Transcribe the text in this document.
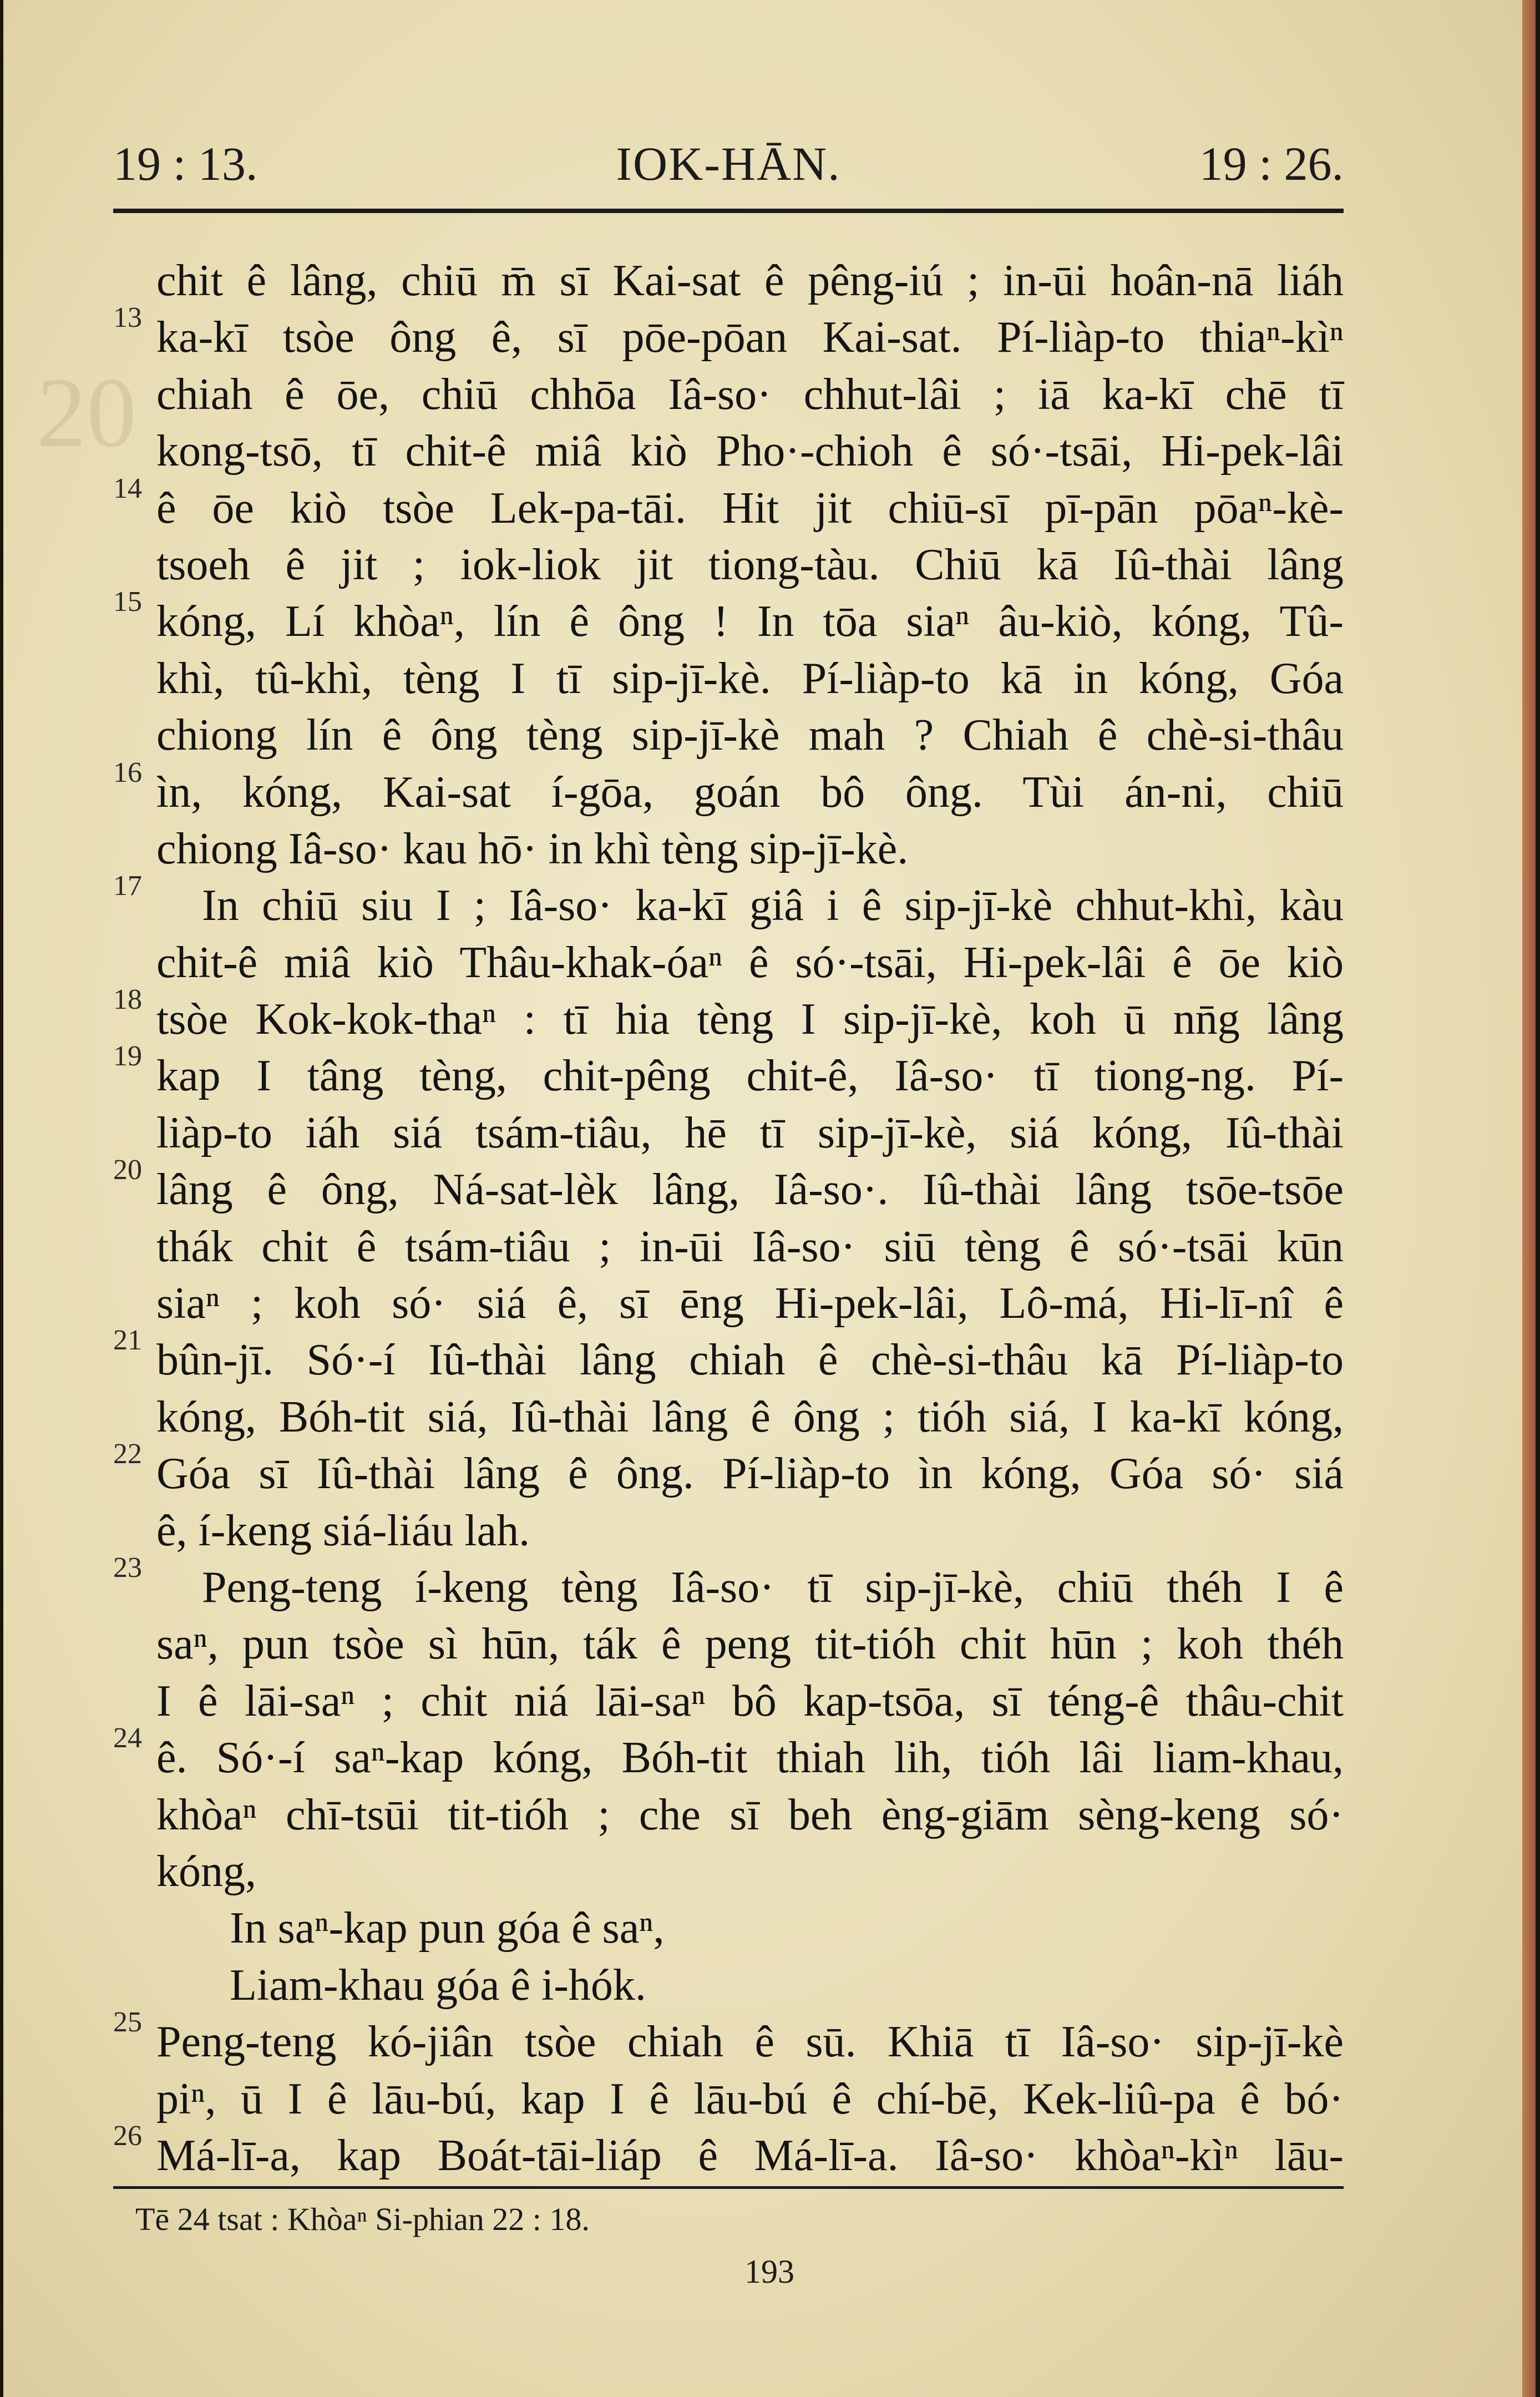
20
19 : 13.	IOK-HĀN.	19 : 26.
chit ê lâng, chiū m̄ sī Kai-sat ê pêng-iú ; in-ūi hoân-nā liáh
13 ka-kī tsòe ông ê, sī pōe-pōan Kai-sat. Pí-liàp-to thiaⁿ-kìⁿ
chiah ê ōe, chiū chhōa Iâ-so· chhut-lâi ; iā ka-kī chē tī
kong-tsō, tī chit-ê miâ kiò Pho·-chioh ê só·-tsāi, Hi-pek-lâi
14 ê ōe kiò tsòe Lek-pa-tāi. Hit jit chiū-sī pī-pān pōaⁿ-kè-
tsoeh ê jit ; iok-liok jit tiong-tàu. Chiū kā Iû-thài lâng
15 kóng, Lí khòaⁿ, lín ê ông ! In tōa siaⁿ âu-kiò, kóng, Tû-
khì, tû-khì, tèng I tī sip-jī-kè. Pí-liàp-to kā in kóng, Góa
chiong lín ê ông tèng sip-jī-kè mah ? Chiah ê chè-si-thâu
16 ìn, kóng, Kai-sat í-gōa, goán bô ông. Tùi án-ni, chiū
chiong Iâ-so· kau hō· in khì tèng sip-jī-kè.
17 In chiū siu I ; Iâ-so· ka-kī giâ i ê sip-jī-kè chhut-khì, kàu
chit-ê miâ kiò Thâu-khak-óaⁿ ê só·-tsāi, Hi-pek-lâi ê ōe kiò
18 tsòe Kok-kok-thaⁿ : tī hia tèng I sip-jī-kè, koh ū nn̄g lâng
19 kap I tâng tèng, chit-pêng chit-ê, Iâ-so· tī tiong-ng. Pí-
liàp-to iáh siá tsám-tiâu, hē tī sip-jī-kè, siá kóng, Iû-thài
20 lâng ê ông, Ná-sat-lèk lâng, Iâ-so·. Iû-thài lâng tsōe-tsōe
thák chit ê tsám-tiâu ; in-ūi Iâ-so· siū tèng ê só·-tsāi kūn
siaⁿ ; koh só· siá ê, sī ēng Hi-pek-lâi, Lô-má, Hi-lī-nî ê
21 bûn-jī. Só·-í Iû-thài lâng chiah ê chè-si-thâu kā Pí-liàp-to
kóng, Bóh-tit siá, Iû-thài lâng ê ông ; tióh siá, I ka-kī kóng,
22 Góa sī Iû-thài lâng ê ông. Pí-liàp-to ìn kóng, Góa só· siá
ê, í-keng siá-liáu lah.
23 Peng-teng í-keng tèng Iâ-so· tī sip-jī-kè, chiū théh I ê
saⁿ, pun tsòe sì hūn, ták ê peng tit-tióh chit hūn ; koh théh
I ê lāi-saⁿ ; chit niá lāi-saⁿ bô kap-tsōa, sī téng-ê thâu-chit
24 ê. Só·-í saⁿ-kap kóng, Bóh-tit thiah lih, tióh lâi liam-khau,
khòaⁿ chī-tsūi tit-tióh ; che sī beh èng-giām sèng-keng só·
kóng,
In saⁿ-kap pun góa ê saⁿ,
Liam-khau góa ê i-hók.
25 Peng-teng kó-jiân tsòe chiah ê sū. Khiā tī Iâ-so· sip-jī-kè
piⁿ, ū I ê lāu-bú, kap I ê lāu-bú ê chí-bē, Kek-liû-pa ê bó·
26 Má-lī-a, kap Boát-tāi-liáp ê Má-lī-a. Iâ-so· khòaⁿ-kìⁿ lāu-
Tē 24 tsat : Khòaⁿ Si-phian 22 : 18.
193
